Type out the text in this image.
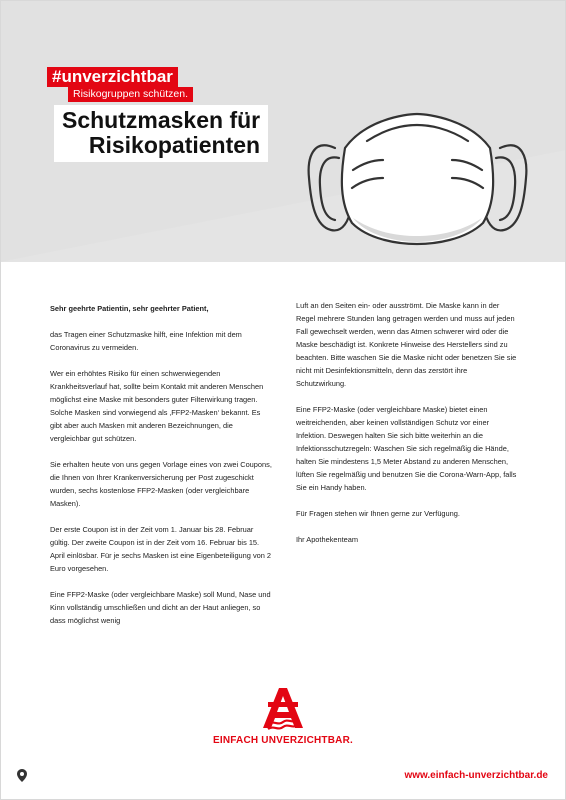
#unverzichtbar
Risikogruppen schützen.
Schutzmasken für
Risikopatienten

Sehr geehrte Patientin, sehr geehrter Patient,

das Tragen einer Schutzmaske hilft, eine Infektion mit dem Coronavirus zu vermeiden.

Wer ein erhöhtes Risiko für einen schwerwiegenden Krankheitsverlauf hat, sollte beim Kontakt mit anderen Menschen möglichst eine Maske mit besonders guter Filterwirkung tragen. Solche Masken sind vorwiegend als ‚FFP2-Masken‘ bekannt. Es gibt aber auch Masken mit anderen Bezeichnungen, die vergleichbar gut schützen.

Sie erhalten heute von uns gegen Vorlage eines von zwei Coupons, die Ihnen von Ihrer Krankenversicherung per Post zugeschickt wurden, sechs kostenlose FFP2-Masken (oder vergleichbare Masken).

Der erste Coupon ist in der Zeit vom 1. Januar bis 28. Februar gültig. Der zweite Coupon ist in der Zeit vom 16. Februar bis 15. April einlösbar. Für je sechs Masken ist eine Eigenbeteiligung von 2 Euro vorgesehen.

Eine FFP2-Maske (oder vergleichbare Maske) soll Mund, Nase und Kinn vollständig umschließen und dicht an der Haut anliegen, so dass möglichst wenig

Luft an den Seiten ein- oder ausströmt. Die Maske kann in der Regel mehrere Stunden lang getragen werden und muss auf jeden Fall gewechselt werden, wenn das Atmen schwerer wird oder die Maske beschädigt ist. Konkrete Hinweise des Herstellers sind zu beachten. Bitte waschen Sie die Maske nicht oder benetzen Sie sie nicht mit Desinfektionsmitteln, denn das zerstört ihre Schutzwirkung.

Eine FFP2-Maske (oder vergleichbare Maske) bietet einen weitreichenden, aber keinen vollständigen Schutz vor einer Infektion. Deswegen halten Sie sich bitte weiterhin an die Infektionsschutzregeln: Waschen Sie sich regelmäßig die Hände, halten Sie mindestens 1,5 Meter Abstand zu anderen Menschen, lüften Sie regelmäßig und benutzen Sie die Corona-Warn-App, falls Sie ein Handy haben.

Für Fragen stehen wir Ihnen gerne zur Verfügung.

Ihr Apothekenteam

EINFACH UNVERZICHTBAR.
www.einfach-unverzichtbar.de
